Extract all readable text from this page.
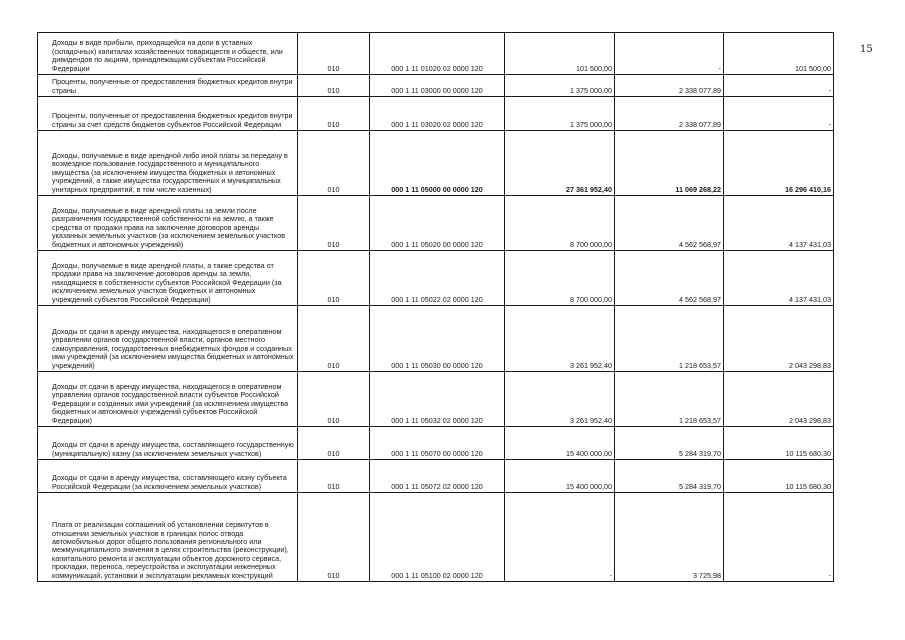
15
Доходы в виде прибыли, приходящейся на доли в уставных (складочных) капиталах хозяйственных товариществ и обществ, или дивидендов по акциям, принадлежащим субъектам Российской Федерации	010	000 1 11 01020 02 0000 120	101 500,00	-	101 500,00
Проценты, полученные от предоставления бюджетных кредитов внутри страны	010	000 1 11 03000 00 0000 120	1 375 000,00	2 338 077,89	-
Проценты, полученные от предоставления бюджетных кредитов внутри страны за счет средств бюджетов субъектов Российской Федерации	010	000 1 11 03020 02 0000 120	1 375 000,00	2 338 077,89	-
Доходы, получаемые в виде арендной либо иной платы за передачу в возмездное пользование государственного и муниципального имущества (за исключением имущества бюджетных и автономных учреждений, а также имущества государственных и муниципальных унитарных предприятий, в том числе казенных)	010	000 1 11 05000 00 0000 120	27 361 952,40	11 069 268,22	16 296 410,16
Доходы, получаемые в виде арендной платы за земли после разграничения государственной собственности на землю, а также средства от продажи права на заключение договоров аренды указанных земельных участков (за исключением земельных участков бюджетных и автономных учреждений)	010	000 1 11 05020 00 0000 120	8 700 000,00	4 562 568,97	4 137 431,03
Доходы, получаемые в виде арендной платы, а также средства от продажи права на заключение договоров аренды за земли, находящиеся в собственности субъектов Российской Федерации (за исключением земельных участков бюджетных и автономных учреждений субъектов Российской Федерации)	010	000 1 11 05022 02 0000 120	8 700 000,00	4 562 568,97	4 137 431,03
Доходы от сдачи в аренду имущества, находящегося в оперативном управлении органов государственной власти, органов местного самоуправления, государственных внебюджетных фондов и созданных ими учреждений (за исключением имущества бюджетных и автономных учреждений)	010	000 1 11 05030 00 0000 120	3 261 952,40	1 218 653,57	2 043 298,83
Доходы от сдачи в аренду имущества, находящегося в оперативном управлении органов государственной власти субъектов Российской Федерации и созданных ими учреждений (за исключением имущества бюджетных и автономных учреждений субъектов Российской Федерации)	010	000 1 11 05032 02 0000 120	3 261 952,40	1 218 653,57	2 043 298,83
Доходы от сдачи в аренду имущества, составляющего государственную (муниципальную) казну (за исключением земельных участков)	010	000 1 11 05070 00 0000 120	15 400 000,00	5 284 319,70	10 115 680,30
Доходы от сдачи в аренду имущества, составляющего казну субъекта Российской Федерации (за исключением земельных участков)	010	000 1 11 05072 02 0000 120	15 400 000,00	5 284 319,70	10 115 680,30
Плата от реализации соглашений об установлении сервитутов в отношении земельных участков в границах полос отвода автомобильных дорог общего пользования регионального или межмуниципального значения в целях строительства (реконструкции), капитального ремонта и эксплуатации объектов дорожного сервиса, прокладки, переноса, переустройства и эксплуатации инженерных коммуникаций, установки и эксплуатации рекламных конструкций	010	000 1 11 05100 02 0000 120	-	3 725,98	-
